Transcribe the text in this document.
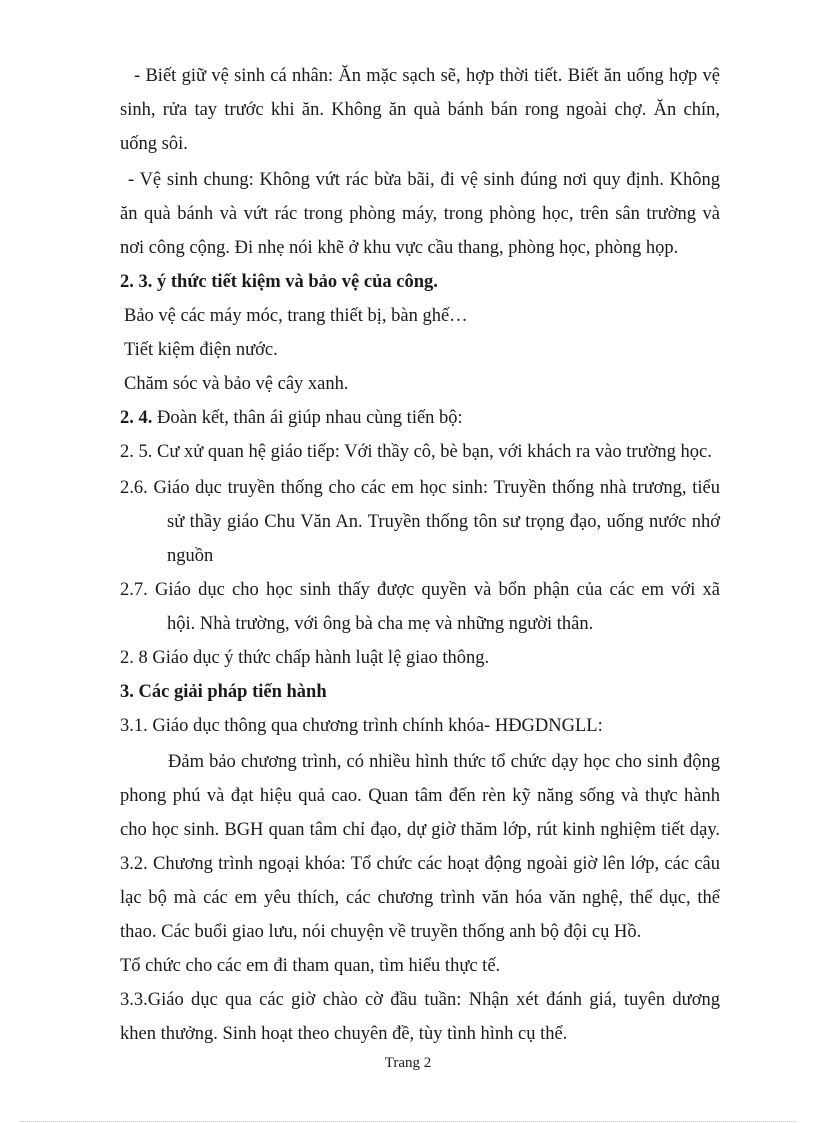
- Biết giữ vệ sinh cá nhân: Ăn mặc sạch sẽ, hợp thời tiết. Biết ăn uống hợp vệ
sinh, rửa tay trước khi ăn. Không ăn quà bánh bán rong ngoài chợ. Ăn chín,
uống sôi.
- Vệ sinh chung: Không vứt rác bừa bãi, đi vệ sinh đúng nơi quy định. Không
ăn quà bánh và vứt rác trong phòng máy, trong phòng học, trên sân trường và
nơi công cộng. Đi nhẹ nói khẽ ở khu vực cầu thang, phòng học, phòng họp.
2. 3. ý thức tiết kiệm và bảo vệ của công.
Bảo vệ các máy móc, trang thiết bị, bàn ghế…
Tiết kiệm điện nước.
Chăm sóc và bảo vệ cây xanh.
2. 4. Đoàn kết, thân ái giúp nhau cùng tiến bộ:
2. 5. Cư xử quan hệ giáo tiếp: Với thầy cô, bè bạn, với khách ra vào trường học.
2.6. Giáo dục truyền thống cho các em học sinh: Truyền thống nhà trương, tiểu
sử thầy giáo Chu Văn An. Truyền thống tôn sư trọng đạo, uống nước nhớ
nguồn
2.7. Giáo dục cho học sinh thấy được quyền và bổn phận của các em với xã
hội. Nhà trường, với ông bà cha mẹ và những người thân.
2. 8 Giáo dục ý thức chấp hành luật lệ giao thông.
3. Các giải pháp tiến hành
3.1. Giáo dục thông qua chương trình chính khóa- HĐGDNGLL:
Đảm bảo chương trình, có nhiều hình thức tổ chức dạy học cho sinh động
phong phú và đạt hiệu quả cao. Quan tâm đến rèn kỹ năng sống và thực hành
cho học sinh. BGH quan tâm chỉ đạo, dự giờ thăm lớp, rút kinh nghiệm tiết dạy.
3.2. Chương trình ngoại khóa: Tổ chức các hoạt động ngoài giờ lên lớp, các câu
lạc bộ mà các em yêu thích, các chương trình văn hóa văn nghệ, thể dục, thể
thao. Các buổi giao lưu, nói chuyện về truyền thống anh bộ đội cụ Hồ.
Tổ chức cho các em đi tham quan, tìm hiểu thực tế.
3.3.Giáo dục qua các giờ chào cờ đầu tuần: Nhận xét đánh giá, tuyên dương
khen thưởng. Sinh hoạt theo chuyên đề, tùy tình hình cụ thể.
Trang 2
